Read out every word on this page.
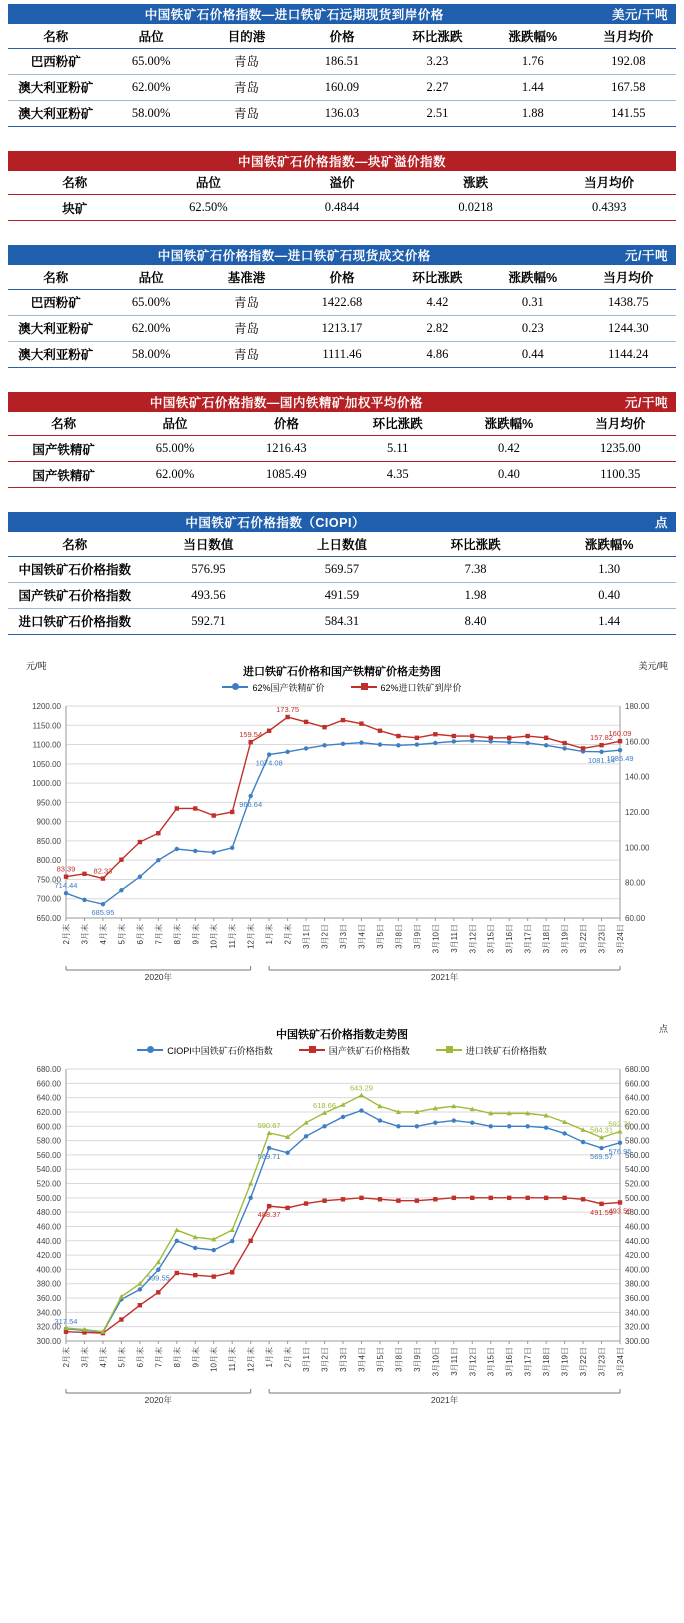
中国铁矿石价格指数—进口铁矿石远期现货到岸价格						美元/干吨
名称	品位	目的港	价格	环比涨跌	涨跌幅%	当月均价
巴西粉矿	65.00%	青岛	186.51	3.23	1.76	192.08
澳大利亚粉矿	62.00%	青岛	160.09	2.27	1.44	167.58
澳大利亚粉矿	58.00%	青岛	136.03	2.51	1.88	141.55
中国铁矿石价格指数—块矿溢价指数				
名称	品位	溢价	涨跌	当月均价
块矿	62.50%	0.4844	0.0218	0.4393
中国铁矿石价格指数—进口铁矿石现货成交价格						元/干吨
名称	品位	基准港	价格	环比涨跌	涨跌幅%	当月均价
巴西粉矿	65.00%	青岛	1422.68	4.42	0.31	1438.75
澳大利亚粉矿	62.00%	青岛	1213.17	2.82	0.23	1244.30
澳大利亚粉矿	58.00%	青岛	1111.46	4.86	0.44	1144.24
中国铁矿石价格指数—国内铁精矿加权平均价格					元/干吨
名称	品位	价格	环比涨跌	涨跌幅%	当月均价
国产铁精矿	65.00%	1216.43	5.11	0.42	1235.00
国产铁精矿	62.00%	1085.49	4.35	0.40	1100.35
中国铁矿石价格指数（CIOPI）				点
名称	当日数值	上日数值	环比涨跌	涨跌幅%
中国铁矿石价格指数	576.95	569.57	7.38	1.30
国产铁矿石价格指数	493.56	491.59	1.98	0.40
进口铁矿石价格指数	592.71	584.31	8.40	1.44
元/吨	美元/吨
进口铁矿石价格和国产铁精矿价格走势图
62%国产铁精矿价	62%进口铁矿到岸价
650.00
700.00
750.00
800.00
850.00
900.00
950.00
1000.00
1050.00
1100.00
1150.00
1200.00
60.00
80.00
100.00
120.00
140.00
160.00
180.00
2月末 3月末 4月末 5月末 6月末 7月末 8月末 9月末 10月末 11月末 12月末 1月末 2月末 3月1日 3月2日 3月3日 3月4日 3月5日 3月8日 3月9日 3月10日 3月11日 3月12日 3月15日 3月16日 3月17日 3月18日 3月19日 3月22日 3月23日 3月24日
2020年	2021年
714.44
685.95
966.64
1074.08	1081.14
1085.49
83.39 82.33
159.54
173.75
157.82
160.09
点
中国铁矿石价格指数走势图
CIOPI中国铁矿石价格指数	国产铁矿石价格指数	进口铁矿石价格指数
300.00
320.00
340.00
360.00
380.00
400.00
420.00
440.00
460.00
480.00
500.00
520.00
540.00
560.00
580.00
600.00
620.00
640.00
660.00
680.00
300.00
320.00
340.00
360.00
380.00
400.00
420.00
440.00
460.00
480.00
500.00
520.00
540.00
560.00
580.00
600.00
620.00
640.00
660.00
680.00
2月末 3月末 4月末 5月末 6月末 7月末 8月末 9月末 10月末 11月末 12月末 1月末 2月末 3月1日 3月2日 3月3日 3月4日 3月5日 3月8日 3月9日 3月10日 3月11日 3月12日 3月15日 3月16日 3月17日 3月18日 3月19日 3月22日 3月23日 3月24日
2020年	2021年
317.54
399.55
569.71	569.57
576.95
488.37	491.59
493.56
590.67
618.66
643.29
584.31
592.71
